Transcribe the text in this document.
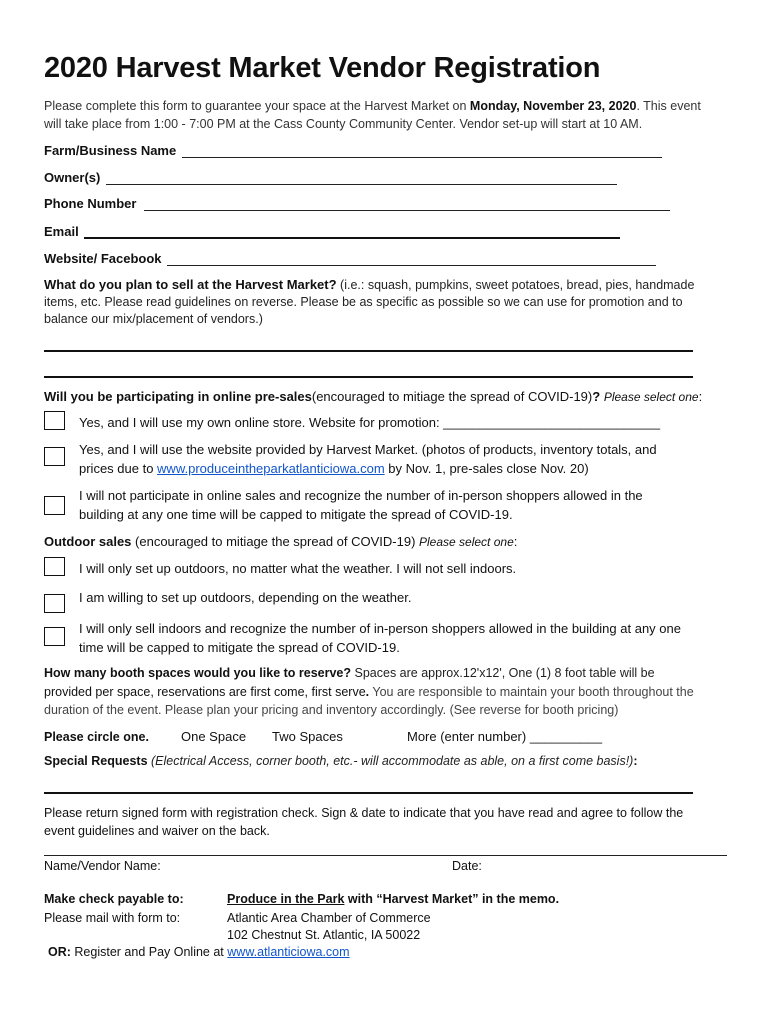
2020 Harvest Market Vendor Registration
Please complete this form to guarantee your space at the Harvest Market on Monday, November 23, 2020. This event
will take place from 1:00 - 7:00 PM at the Cass County Community Center. Vendor set-up will start at 10 AM.
Farm/Business Name
Owner(s)
Phone Number
Email
Website/ Facebook
What do you plan to sell at the Harvest Market? (i.e.: squash, pumpkins, sweet potatoes, bread, pies, handmade
items, etc. Please read guidelines on reverse. Please be as specific as possible so we can use for promotion and to
balance our mix/placement of vendors.)
Will you be participating in online pre-sales(encouraged to mitiage the spread of COVID-19)? Please select one:
Yes, and I will use my own online store. Website for promotion: ______________________________
Yes, and I will use the website provided by Harvest Market. (photos of products, inventory totals, and
prices due to www.produceintheparkatlanticiowa.com by Nov. 1, pre-sales close Nov. 20)
I will not participate in online sales and recognize the number of in-person shoppers allowed in the
building at any one time will be capped to mitigate the spread of COVID-19.
Outdoor sales (encouraged to mitiage the spread of COVID-19) Please select one:
I will only set up outdoors, no matter what the weather. I will not sell indoors.
I am willing to set up outdoors, depending on the weather.
I will only sell indoors and recognize the number of in-person shoppers allowed in the building at any one
time will be capped to mitigate the spread of COVID-19.
How many booth spaces would you like to reserve? Spaces are approx.12'x12', One (1) 8 foot table will be
provided per space, reservations are first come, first serve. You are responsible to maintain your booth throughout the
duration of the event. Please plan your pricing and inventory accordingly. (See reverse for booth pricing)
Please circle one. One Space Two Spaces	More (enter number) __________
Special Requests (Electrical Access, corner booth, etc.- will accommodate as able, on a first come basis!):
Please return signed form with registration check. Sign & date to indicate that you have read and agree to follow the
event guidelines and waiver on the back.
Name/Vendor Name:	Date:
Make check payable to:	Produce in the Park with “Harvest Market” in the memo.
Please mail with form to:	Atlantic Area Chamber of Commerce
102 Chestnut St. Atlantic, IA 50022
OR: Register and Pay Online at www.atlanticiowa.com
